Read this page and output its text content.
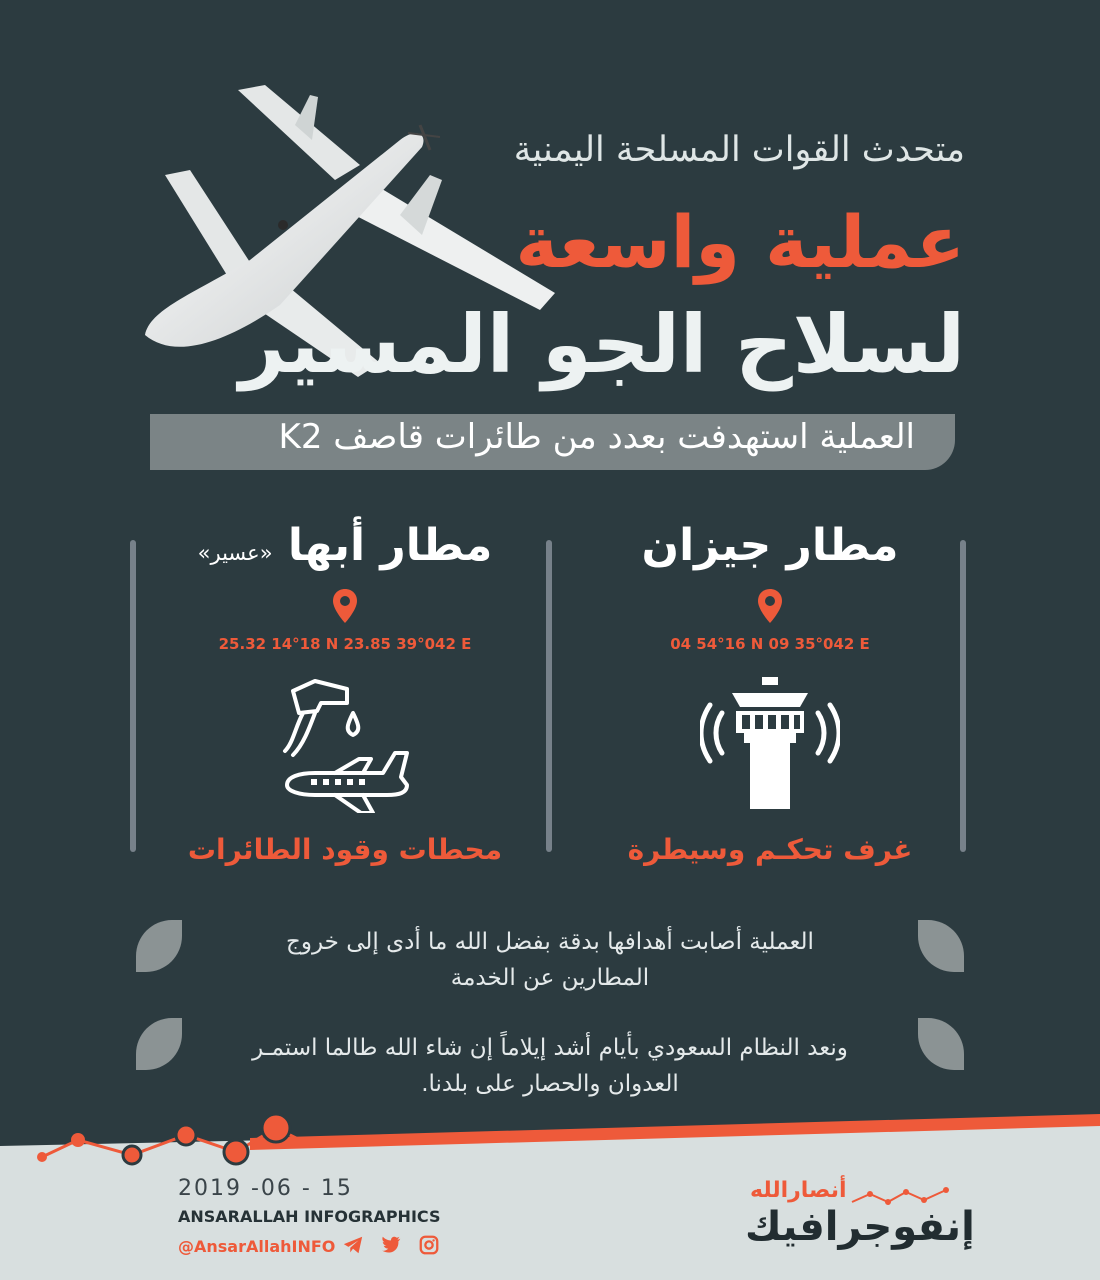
متحدث القوات المسلحة اليمنية
عملية واسعة
لسلاح الجو المسير
العملية استهدفت بعدد من طائرات قاصف K2
مطار جيزان
04 54°16 N 09 35°042 E
غرف تحكـم وسيطرة
مطار أبها «عسير»
25.32 14°18 N 23.85 39°042 E
محطات وقود الطائرات
العملية أصابت أهدافها بدقة بفضل الله ما أدى إلى خروج المطارين عن الخدمة
ونعد النظام السعودي بأيام أشد إيلاماً إن شاء الله طالما استمـر العدوان والحصار على بلدنا.
2019 -06 - 15
ANSARALLAH INFOGRAPHICS
@AnsarAllahINFO
أنصارالله
إنفوجرافيك
